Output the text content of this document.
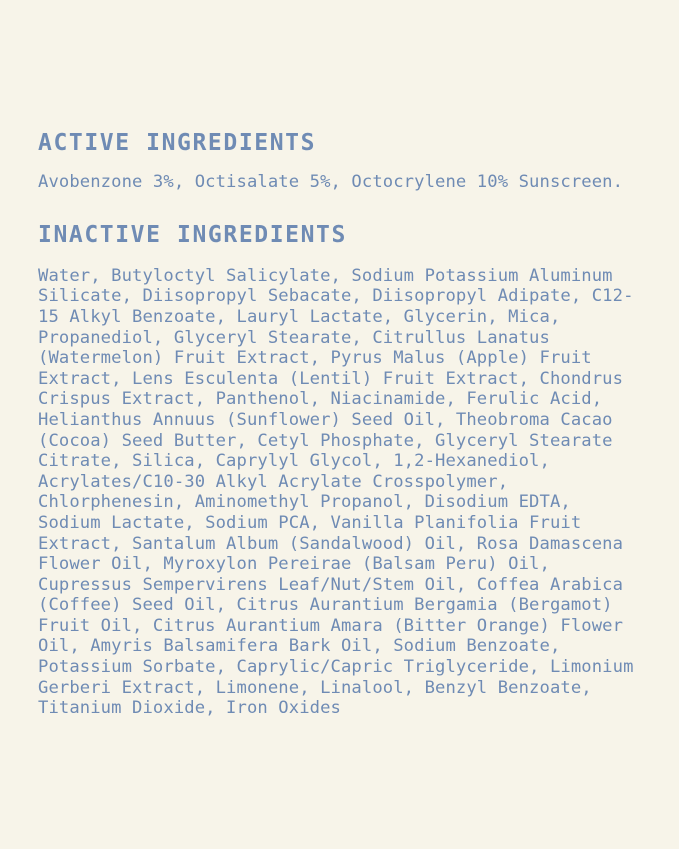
ACTIVE INGREDIENTS

Avobenzone 3%, Octisalate 5%, Octocrylene 10% Sunscreen.

INACTIVE INGREDIENTS

Water, Butyloctyl Salicylate, Sodium Potassium Aluminum Silicate, Diisopropyl Sebacate, Diisopropyl Adipate, C12-15 Alkyl Benzoate, Lauryl Lactate, Glycerin, Mica, Propanediol, Glyceryl Stearate, Citrullus Lanatus (Watermelon) Fruit Extract, Pyrus Malus (Apple) Fruit Extract, Lens Esculenta (Lentil) Fruit Extract, Chondrus Crispus Extract, Panthenol, Niacinamide, Ferulic Acid, Helianthus Annuus (Sunflower) Seed Oil, Theobroma Cacao (Cocoa) Seed Butter, Cetyl Phosphate, Glyceryl Stearate Citrate, Silica, Caprylyl Glycol, 1,2-Hexanediol, Acrylates/C10-30 Alkyl Acrylate Crosspolymer, Chlorphenesin, Aminomethyl Propanol, Disodium EDTA, Sodium Lactate, Sodium PCA, Vanilla Planifolia Fruit Extract, Santalum Album (Sandalwood) Oil, Rosa Damascena Flower Oil, Myroxylon Pereirae (Balsam Peru) Oil, Cupressus Sempervirens Leaf/Nut/Stem Oil, Coffea Arabica (Coffee) Seed Oil, Citrus Aurantium Bergamia (Bergamot) Fruit Oil, Citrus Aurantium Amara (Bitter Orange) Flower Oil, Amyris Balsamifera Bark Oil, Sodium Benzoate, Potassium Sorbate, Caprylic/Capric Triglyceride, Limonium Gerberi Extract, Limonene, Linalool, Benzyl Benzoate, Titanium Dioxide, Iron Oxides
